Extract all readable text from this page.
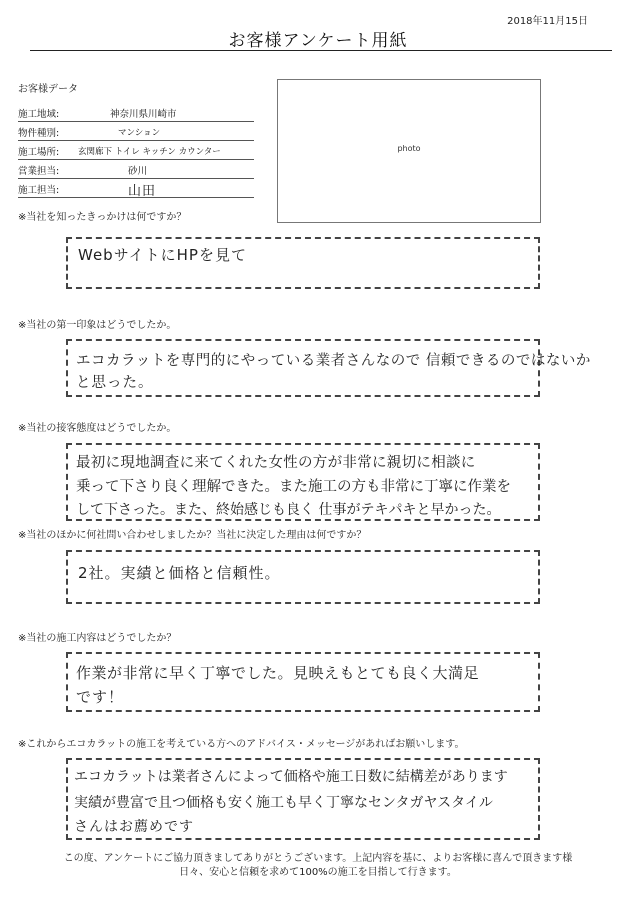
2018年11月15日
お客様アンケート用紙
お客様データ
施工地域:	神奈川県川崎市
物件種別:	マンション
施工場所: 玄関廊下 トイレ キッチン カウンター
営業担当:	砂川
施工担当:	山田
photo
※当社を知ったきっかけは何ですか？
WebサイトにHPを見て
※当社の第一印象はどうでしたか。
エコカラットを専門的にやっている業者さんなので 信頼できるのではないか
と思った。
※当社の接客態度はどうでしたか。
最初に現地調査に来てくれた女性の方が非常に親切に相談に
乗って下さり良く理解できた。また施工の方も非常に丁寧に作業を
して下さった。また、終始感じも良く 仕事がテキパキと早かった。
※当社のほかに何社問い合わせしましたか？当社に決定した理由は何ですか？
2社。実績と価格と信頼性。
※当社の施工内容はどうでしたか？
作業が非常に早く丁寧でした。見映えもとても良く大満足
です！
※これからエコカラットの施工を考えている方へのアドバイス・メッセージがあればお願いします。
エコカラットは業者さんによって価格や施工日数に結構差があります
実績が豊富で且つ価格も安く施工も早く丁寧なセンタガヤスタイル
さんはお薦めです
この度、アンケートにご協力頂きましてありがとうございます。上記内容を基に、よりお客様に喜んで頂きます様
日々、安心と信頼を求めて100%の施工を目指して行きます。
